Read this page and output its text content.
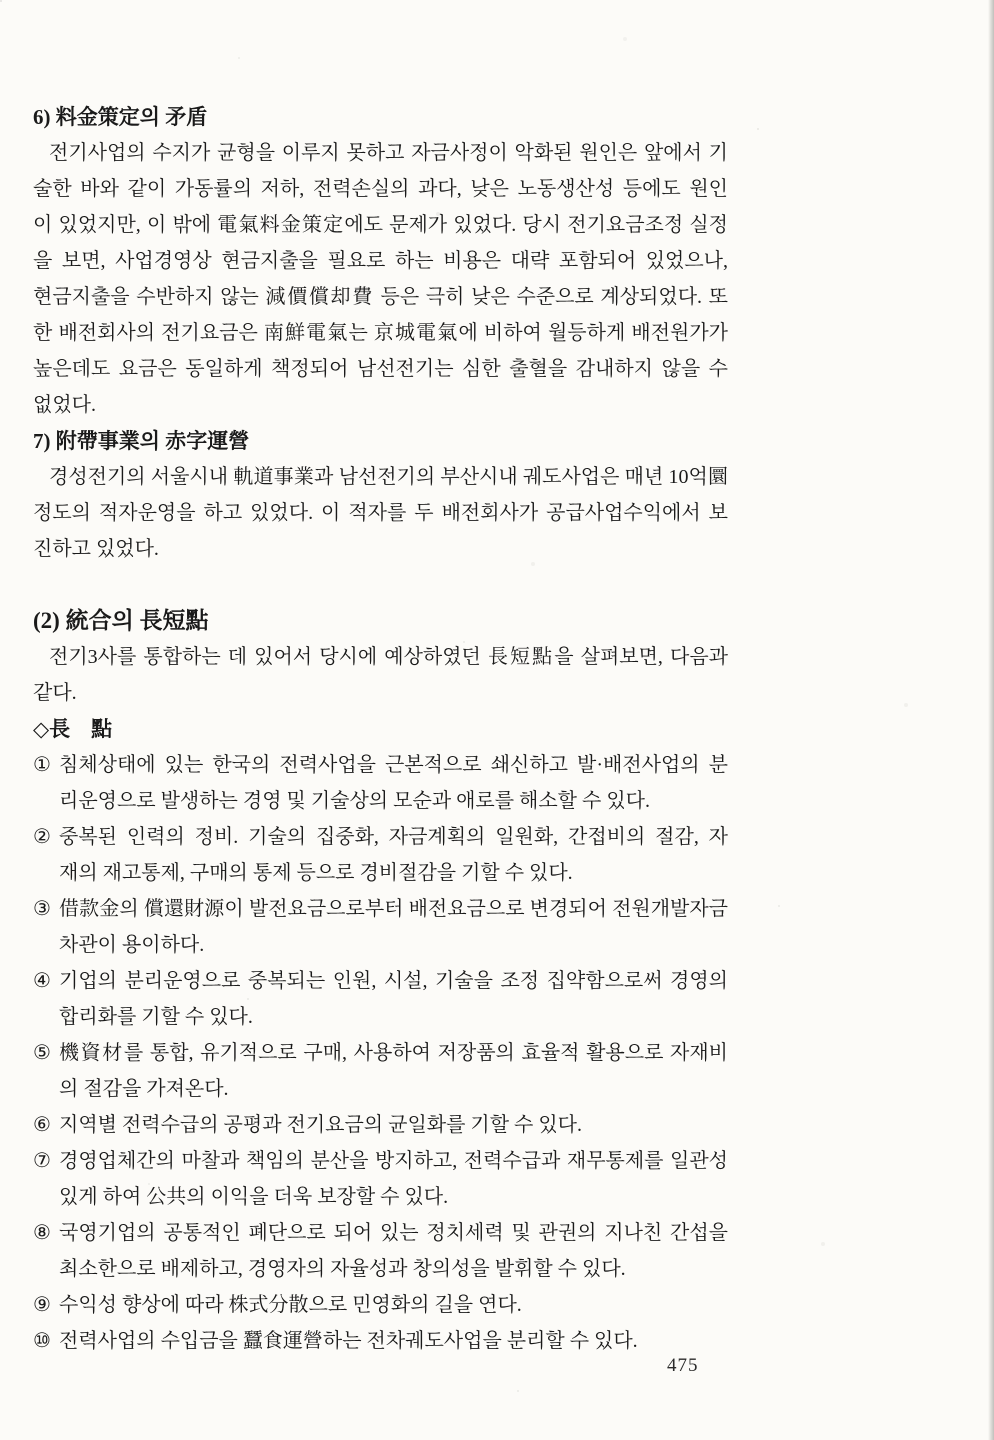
6) 料金策定의 矛盾
전기사업의 수지가 균형을 이루지 못하고 자금사정이 악화된 원인은 앞에서 기
술한 바와 같이 가동률의 저하, 전력손실의 과다, 낮은 노동생산성 등에도 원인
이 있었지만, 이 밖에 電氣料金策定에도 문제가 있었다. 당시 전기요금조정 실정
을 보면, 사업경영상 현금지출을 필요로 하는 비용은 대략 포함되어 있었으나,
현금지출을 수반하지 않는 減價償却費 등은 극히 낮은 수준으로 계상되었다. 또
한 배전회사의 전기요금은 南鮮電氣는 京城電氣에 비하여 월등하게 배전원가가
높은데도 요금은 동일하게 책정되어 남선전기는 심한 출혈을 감내하지 않을 수
없었다.
7) 附帶事業의 赤字運營
경성전기의 서울시내 軌道事業과 남선전기의 부산시내 궤도사업은 매년 10억圜
정도의 적자운영을 하고 있었다. 이 적자를 두 배전회사가 공급사업수익에서 보
진하고 있었다.
(2) 統合의 長短點
전기3사를 통합하는 데 있어서 당시에 예상하였던 長短點을 살펴보면, 다음과
같다.
◇長　點
① 침체상태에 있는 한국의 전력사업을 근본적으로 쇄신하고 발·배전사업의 분
리운영으로 발생하는 경영 및 기술상의 모순과 애로를 해소할 수 있다.
② 중복된 인력의 정비. 기술의 집중화, 자금계획의 일원화, 간접비의 절감, 자
재의 재고통제, 구매의 통제 등으로 경비절감을 기할 수 있다.
③ 借款金의 償還財源이 발전요금으로부터 배전요금으로 변경되어 전원개발자금
차관이 용이하다.
④ 기업의 분리운영으로 중복되는 인원, 시설, 기술을 조정 집약함으로써 경영의
합리화를 기할 수 있다.
⑤ 機資材를 통합, 유기적으로 구매, 사용하여 저장품의 효율적 활용으로 자재비
의 절감을 가져온다.
⑥ 지역별 전력수급의 공평과 전기요금의 균일화를 기할 수 있다.
⑦ 경영업체간의 마찰과 책임의 분산을 방지하고, 전력수급과 재무통제를 일관성
있게 하여 公共의 이익을 더욱 보장할 수 있다.
⑧ 국영기업의 공통적인 폐단으로 되어 있는 정치세력 및 관권의 지나친 간섭을
최소한으로 배제하고, 경영자의 자율성과 창의성을 발휘할 수 있다.
⑨ 수익성 향상에 따라 株式分散으로 민영화의 길을 연다.
⑩ 전력사업의 수입금을 蠶食運營하는 전차궤도사업을 분리할 수 있다.
475
